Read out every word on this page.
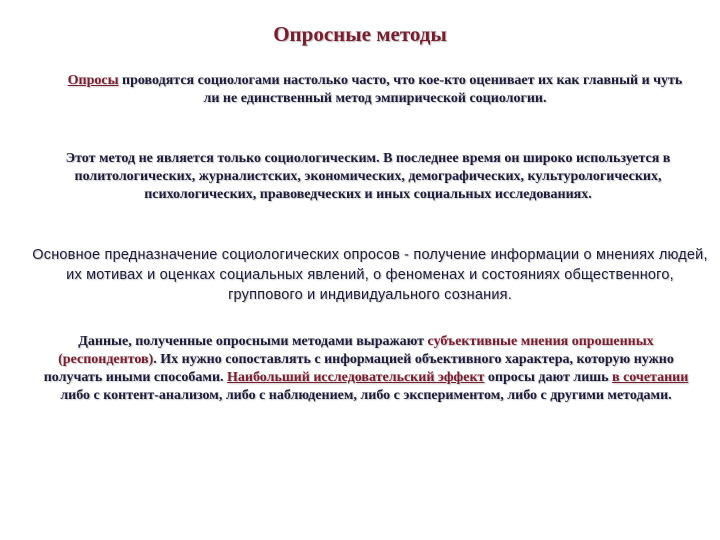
Опросные методы
Опросы проводятся социологами настолько часто, что кое-кто оценивает их как главный и чуть ли не единственный метод эмпирической социологии.
Этот метод не является только социологическим. В последнее время он широко используется в политологических, журналистских, экономических, демографических, культурологических, психологических, правоведческих и иных социальных исследованиях.
Основное предназначение социологических опросов - получение информации о мнениях людей, их мотивах и оценках социальных явлений, о феноменах и состояниях общественного, группового и индивидуального сознания.
Данные, полученные опросными методами выражают субъективные мнения опрошенных (респондентов). Их нужно сопоставлять с информацией объективного характера, которую нужно получать иными способами. Наибольший исследовательский эффект опросы дают лишь в сочетании либо с контент-анализом, либо с наблюдением, либо с экспериментом, либо с другими методами.
